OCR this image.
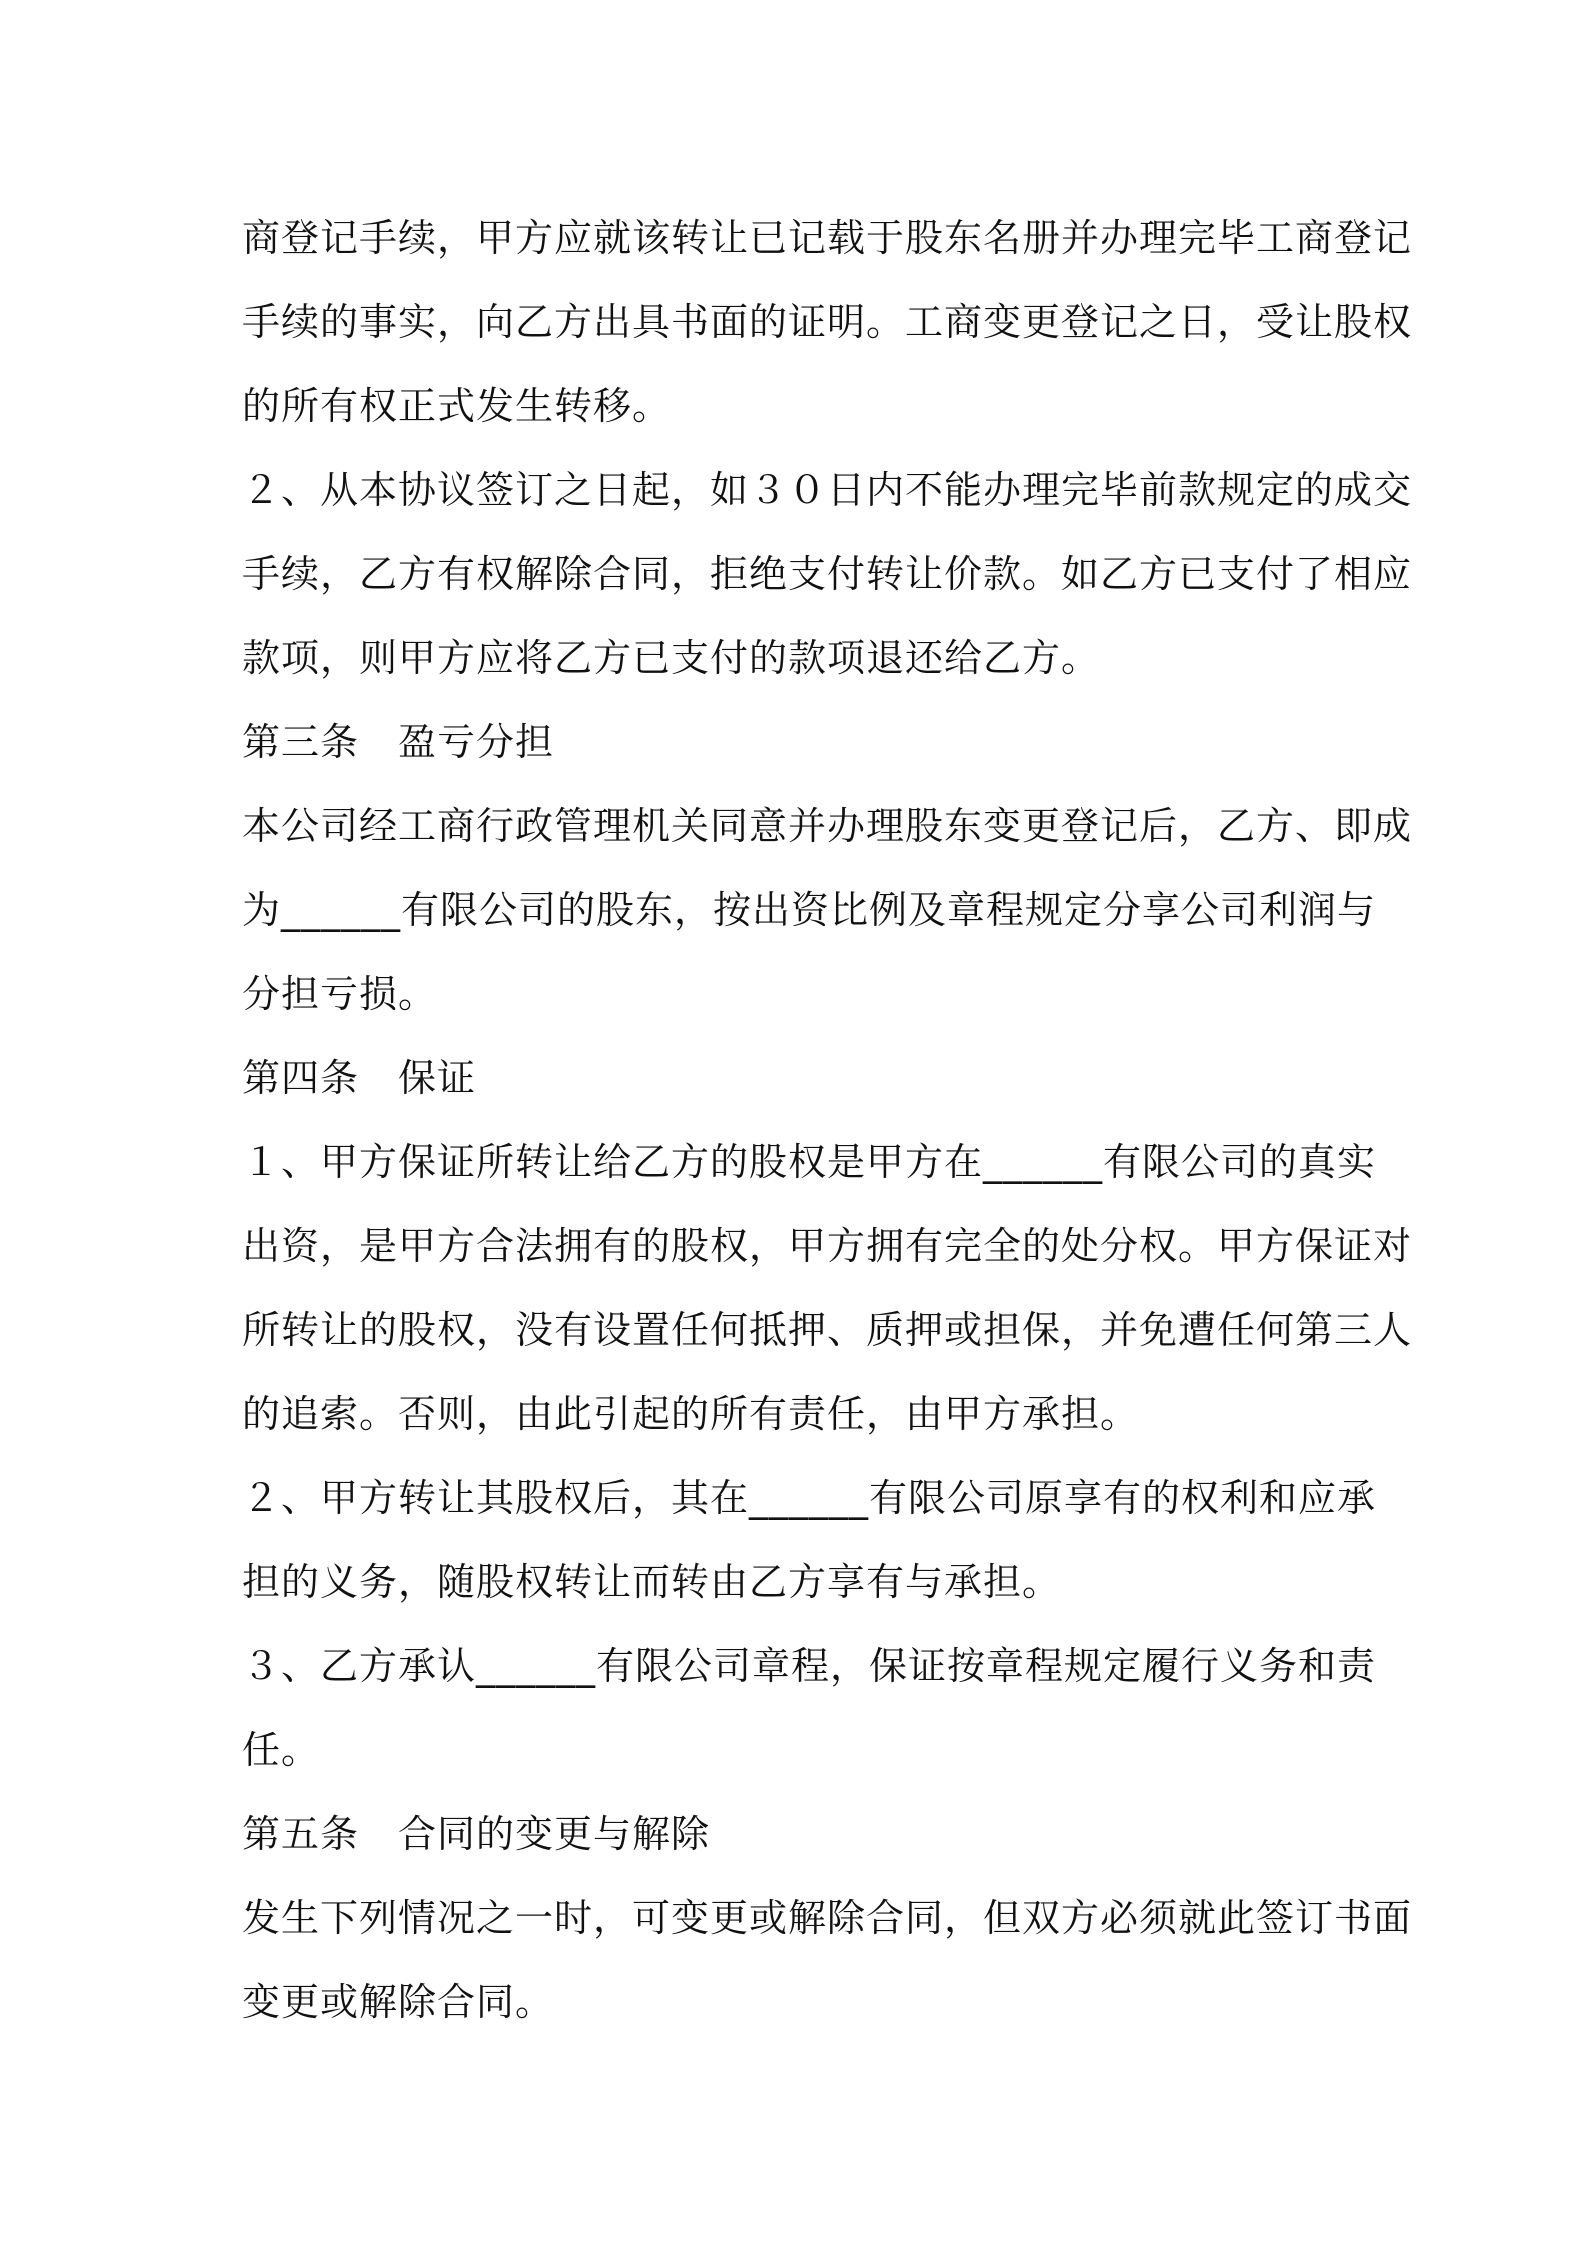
商登记手续，甲方应就该转让已记载于股东名册并办理完毕工商登记
手续的事实，向乙方出具书面的证明。工商变更登记之日，受让股权
的所有权正式发生转移。
２、从本协议签订之日起，如３０日内不能办理完毕前款规定的成交
手续，乙方有权解除合同，拒绝支付转让价款。如乙方已支付了相应
款项，则甲方应将乙方已支付的款项退还给乙方。
第三条　盈亏分担
本公司经工商行政管理机关同意并办理股东变更登记后，乙方、即成
为______有限公司的股东，按出资比例及章程规定分享公司利润与
分担亏损。
第四条　保证
１、甲方保证所转让给乙方的股权是甲方在______有限公司的真实
出资，是甲方合法拥有的股权，甲方拥有完全的处分权。甲方保证对
所转让的股权，没有设置任何抵押、质押或担保，并免遭任何第三人
的追索。否则，由此引起的所有责任，由甲方承担。
２、甲方转让其股权后，其在______有限公司原享有的权利和应承
担的义务，随股权转让而转由乙方享有与承担。
３、乙方承认______有限公司章程，保证按章程规定履行义务和责
任。
第五条　合同的变更与解除
发生下列情况之一时，可变更或解除合同，但双方必须就此签订书面
变更或解除合同。
